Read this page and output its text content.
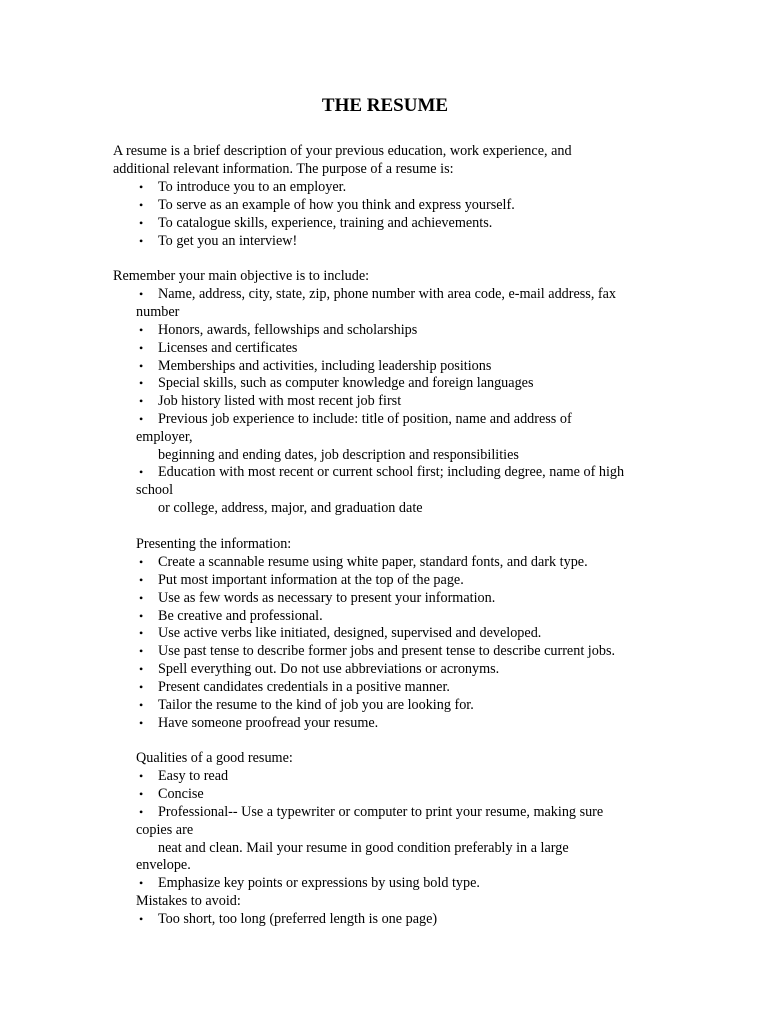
THE RESUME
A resume is a brief description of your previous education, work experience, and
additional relevant information. The purpose of a resume is:
• To introduce you to an employer.
• To serve as an example of how you think and express yourself.
• To catalogue skills, experience, training and achievements.
• To get you an interview!
Remember your main objective is to include:
• Name, address, city, state, zip, phone number with area code, e-mail address, fax
number
• Honors, awards, fellowships and scholarships
• Licenses and certificates
• Memberships and activities, including leadership positions
• Special skills, such as computer knowledge and foreign languages
• Job history listed with most recent job first
• Previous job experience to include: title of position, name and address of
employer,
beginning and ending dates, job description and responsibilities
• Education with most recent or current school first; including degree, name of high
school
or college, address, major, and graduation date
Presenting the information:
• Create a scannable resume using white paper, standard fonts, and dark type.
• Put most important information at the top of the page.
• Use as few words as necessary to present your information.
• Be creative and professional.
• Use active verbs like initiated, designed, supervised and developed.
• Use past tense to describe former jobs and present tense to describe current jobs.
• Spell everything out. Do not use abbreviations or acronyms.
• Present candidates credentials in a positive manner.
• Tailor the resume to the kind of job you are looking for.
• Have someone proofread your resume.
Qualities of a good resume:
• Easy to read
• Concise
• Professional-- Use a typewriter or computer to print your resume, making sure
copies are
neat and clean. Mail your resume in good condition preferably in a large
envelope.
• Emphasize key points or expressions by using bold type.
Mistakes to avoid:
• Too short, too long (preferred length is one page)
